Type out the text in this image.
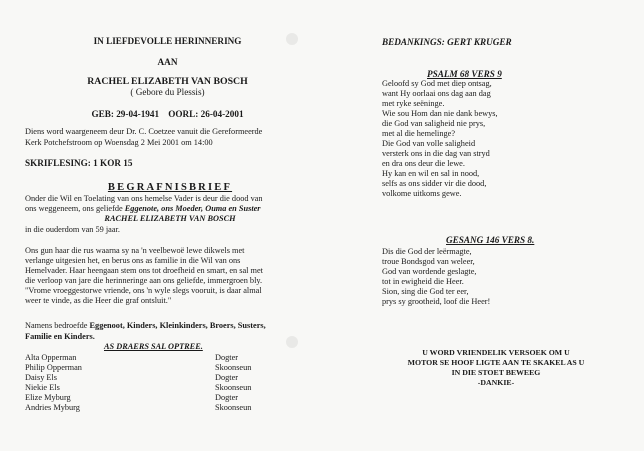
IN LIEFDEVOLLE HERINNERING
AAN
RACHEL ELIZABETH VAN BOSCH
( Gebore du Plessis)
GEB: 29-04-1941    OORL: 26-04-2001
Diens word waargeneem deur Dr. C. Coetzee vanuit die Gereformeerde
Kerk Potchefstroom op Woensdag 2 Mei 2001 om 14:00
SKRIFLESING: 1 KOR 15
BEGRAFNISBRIEF
Onder die Wil en Toelating van ons hemelse Vader is deur die dood van
ons weggeneem, ons geliefde Eggenote, ons Moeder, Ouma en Suster
RACHEL ELIZABETH VAN BOSCH
in die ouderdom van 59 jaar.
Ons gun haar die rus waarna sy na 'n veelbewoë lewe dikwels met
verlange uitgesien het, en berus ons as familie in die Wil van ons
Hemelvader. Haar heengaan stem ons tot droefheid en smart, en sal met
die verloop van jare die herinneringe aan ons geliefde, immergroen bly.
"Vrome vroeggestorwe vriende, ons 'n wyle slegs vooruit, is daar almal
weer te vinde, as die Heer die graf ontsluit."
Namens bedroefde Eggenoot, Kinders, Kleinkinders, Broers, Susters,
Familie en Kinders.
AS DRAERS SAL OPTREE.
Alta Opperman	Dogter
Philip Opperman	Skoonseun
Daisy Els	Dogter
Niekie Els	Skoonseun
Elize Myburg	Dogter
Andries Myburg	Skoonseun
BEDANKINGS: GERT KRUGER
PSALM 68 VERS 9
Geloofd sy God met diep ontsag,
want Hy oorlaai ons dag aan dag
met ryke seëninge.
Wie sou Hom dan nie dank bewys,
die God van saligheid nie prys,
met al die hemelinge?
Die God van volle saligheid
versterk ons in die dag van stryd
en dra ons deur die lewe.
Hy kan en wil en sal in nood,
selfs as ons sidder vir die dood,
volkome uitkoms gewe.
GESANG 146 VERS 8.
Dis die God der leërmagte,
troue Bondsgod van weleer,
God van wordende geslagte,
tot in ewigheid die Heer.
Sion, sing die God ter eer,
prys sy grootheid, loof die Heer!
U WORD VRIENDELIK VERSOEK OM U
MOTOR SE HOOF LIGTE AAN TE SKAKEL AS U
IN DIE STOET BEWEEG
-DANKIE-
